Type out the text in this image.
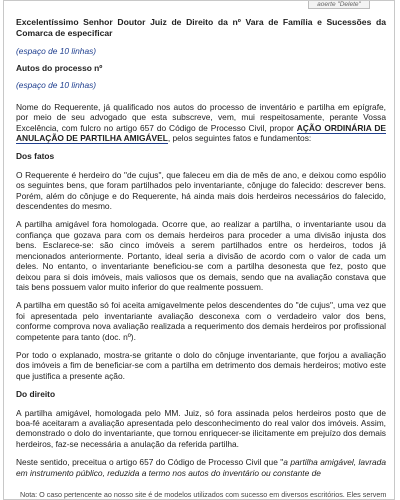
aoerte "Delete"

Excelentíssimo Senhor Doutor Juiz de Direito da nº Vara de Família e Sucessões da Comarca de especificar

(espaço de 10 linhas)

Autos do processo nº

(espaço de 10 linhas)

Nome do Requerente, já qualificado nos autos do processo de inventário e partilha em epígrafe, por meio de seu advogado que esta subscreve, vem, mui respeitosamente, perante Vossa Excelência, com fulcro no artigo 657 do Código de Processo Civil, propor AÇÃO ORDINÁRIA DE ANULAÇÃO DE PARTILHA AMIGÁVEL, pelos seguintes fatos e fundamentos:

Dos fatos

O Requerente é herdeiro do "de cujus", que faleceu em dia de mês de ano, e deixou como espólio os seguintes bens, que foram partilhados pelo inventariante, cônjuge do falecido: descrever bens. Porém, além do cônjuge e do Requerente, há ainda mais dois herdeiros necessários do falecido, descendentes do mesmo.

A partilha amigável fora homologada. Ocorre que, ao realizar a partilha, o inventariante usou da confiança que gozava para com os demais herdeiros para proceder a uma divisão injusta dos bens. Esclarece-se: são cinco imóveis a serem partilhados entre os herdeiros, todos já mencionados anteriormente. Portanto, ideal seria a divisão de acordo com o valor de cada um deles. No entanto, o inventariante beneficiou-se com a partilha desonesta que fez, posto que deixou para si dois imóveis, mais valiosos que os demais, sendo que na avaliação constava que tais bens possuem valor muito inferior do que realmente possuem.

A partilha em questão só foi aceita amigavelmente pelos descendentes do "de cujus", uma vez que foi apresentada pelo inventariante avaliação desconexa com o verdadeiro valor dos bens, conforme comprova nova avaliação realizada a requerimento dos demais herdeiros por profissional competente para tanto (doc. nº).

Por todo o explanado, mostra-se gritante o dolo do cônjuge inventariante, que forjou a avaliação dos imóveis a fim de beneficiar-se com a partilha em detrimento dos demais herdeiros; motivo este que justifica a presente ação.

Do direito

A partilha amigável, homologada pelo MM. Juiz, só fora assinada pelos herdeiros posto que de boa-fé aceitaram a avaliação apresentada pelo desconhecimento do real valor dos imóveis. Assim, demonstrado o dolo do inventariante, que tornou enriquecer-se ilicitamente em prejuízo dos demais herdeiros, faz-se necessária a anulação da referida partilha.

Neste sentido, preceitua o artigo 657 do Código de Processo Civil que "a partilha amigável, lavrada em instrumento público, reduzida a termo nos autos do inventário ou constante de

Nota: O caso pertencente ao nosso site é de modelos utilizados com sucesso em diversos escritórios. Eles servem
